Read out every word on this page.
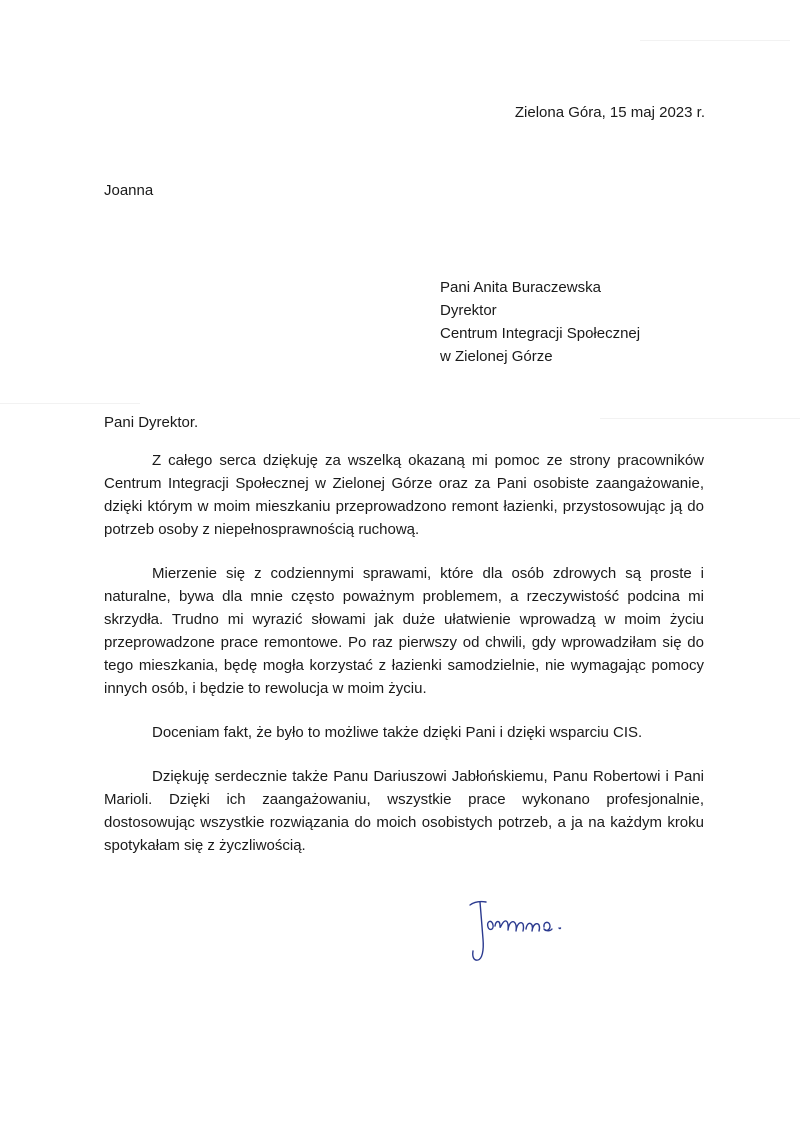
Zielona Góra, 15 maj 2023 r.
Joanna
Pani Anita Buraczewska
Dyrektor
Centrum Integracji Społecznej
w Zielonej Górze
Pani Dyrektor.

Z całego serca dziękuję za wszelką okazaną mi pomoc ze strony pracowników Centrum Integracji Społecznej w Zielonej Górze oraz za Pani osobiste zaangażowanie, dzięki którym w moim mieszkaniu przeprowadzono remont łazienki, przystosowując ją do potrzeb osoby z niepełnosprawnością ruchową.

Mierzenie się z codziennymi sprawami, które dla osób zdrowych są proste i naturalne, bywa dla mnie często poważnym problemem, a rzeczywistość podcina mi skrzydła. Trudno mi wyrazić słowami jak duże ułatwienie wprowadzą w moim życiu przeprowadzone prace remontowe. Po raz pierwszy od chwili, gdy wprowadziłam się do tego mieszkania, będę mogła korzystać z łazienki samodzielnie, nie wymagając pomocy innych osób, i będzie to rewolucja w moim życiu.

Doceniam fakt, że było to możliwe także dzięki Pani i dzięki wsparciu CIS.

Dziękuję serdecznie także Panu Dariuszowi Jabłońskiemu, Panu Robertowi i Pani Marioli. Dzięki ich zaangażowaniu, wszystkie prace wykonano profesjonalnie, dostosowując wszystkie rozwiązania do moich osobistych potrzeb, a ja na każdym kroku spotykałam się z życzliwością.
